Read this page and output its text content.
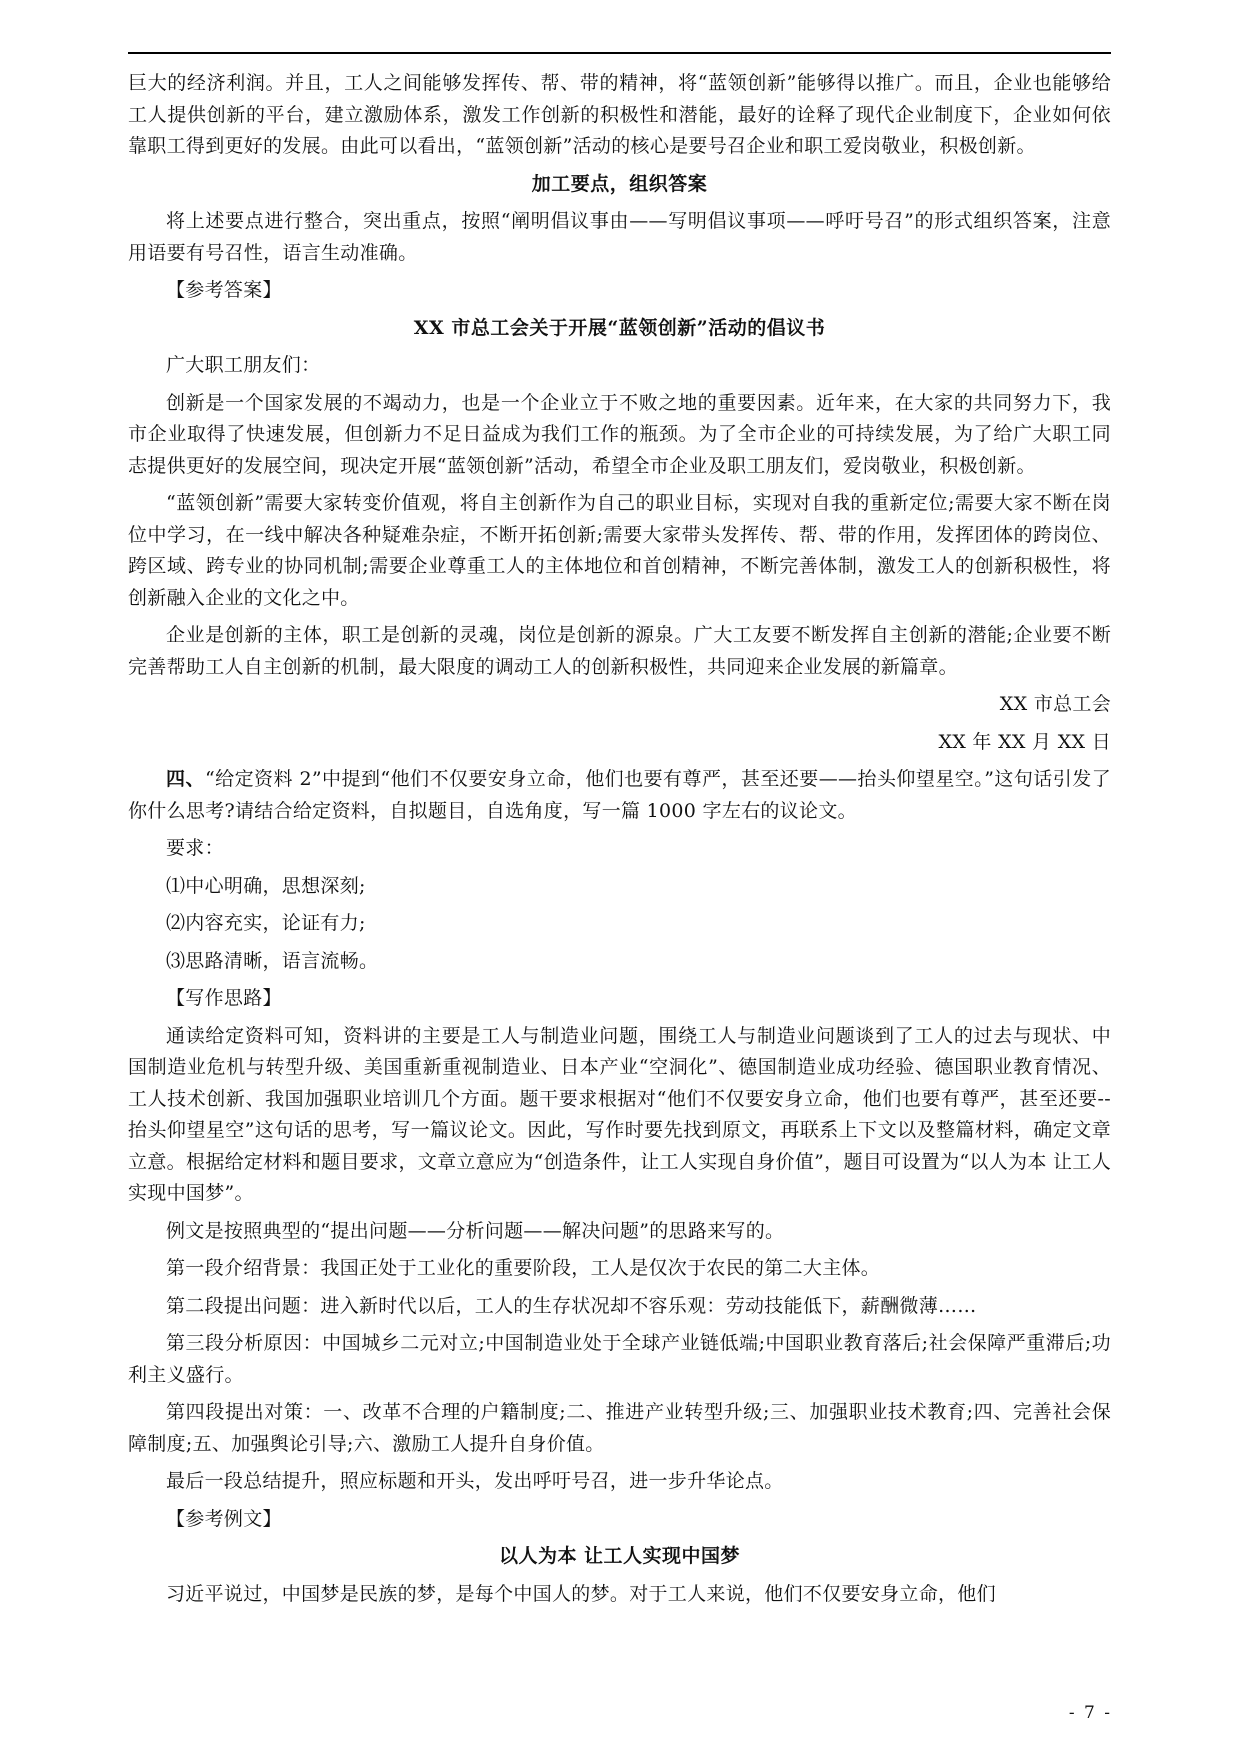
巨大的经济利润。并且，工人之间能够发挥传、帮、带的精神，将“蓝领创新”能够得以推广。而且，企业也能够给工人提供创新的平台，建立激励体系，激发工作创新的积极性和潜能，最好的诠释了现代企业制度下，企业如何依靠职工得到更好的发展。由此可以看出，“蓝领创新”活动的核心是要号召企业和职工爱岗敬业，积极创新。

加工要点，组织答案

将上述要点进行整合，突出重点，按照“阐明倡议事由——写明倡议事项——呼吁号召”的形式组织答案，注意用语要有号召性，语言生动准确。

【参考答案】

XX 市总工会关于开展“蓝领创新”活动的倡议书

广大职工朋友们：

创新是一个国家发展的不竭动力，也是一个企业立于不败之地的重要因素。近年来，在大家的共同努力下，我市企业取得了快速发展，但创新力不足日益成为我们工作的瓶颈。为了全市企业的可持续发展，为了给广大职工同志提供更好的发展空间，现决定开展“蓝领创新”活动，希望全市企业及职工朋友们，爱岗敬业，积极创新。

“蓝领创新”需要大家转变价值观，将自主创新作为自己的职业目标，实现对自我的重新定位;需要大家不断在岗位中学习，在一线中解决各种疑难杂症，不断开拓创新;需要大家带头发挥传、帮、带的作用，发挥团体的跨岗位、跨区域、跨专业的协同机制;需要企业尊重工人的主体地位和首创精神，不断完善体制，激发工人的创新积极性，将创新融入企业的文化之中。

企业是创新的主体，职工是创新的灵魂，岗位是创新的源泉。广大工友要不断发挥自主创新的潜能;企业要不断完善帮助工人自主创新的机制，最大限度的调动工人的创新积极性，共同迎来企业发展的新篇章。

XX 市总工会

XX 年 XX 月 XX 日

四、“给定资料 2”中提到“他们不仅要安身立命，他们也要有尊严，甚至还要——抬头仰望星空。”这句话引发了你什么思考?请结合给定资料，自拟题目，自选角度，写一篇 1000 字左右的议论文。

要求：

⑴中心明确，思想深刻;

⑵内容充实，论证有力;

⑶思路清晰，语言流畅。

【写作思路】

通读给定资料可知，资料讲的主要是工人与制造业问题，围绕工人与制造业问题谈到了工人的过去与现状、中国制造业危机与转型升级、美国重新重视制造业、日本产业“空洞化”、德国制造业成功经验、德国职业教育情况、工人技术创新、我国加强职业培训几个方面。题干要求根据对“他们不仅要安身立命，他们也要有尊严，甚至还要--抬头仰望星空”这句话的思考，写一篇议论文。因此，写作时要先找到原文，再联系上下文以及整篇材料，确定文章立意。根据给定材料和题目要求，文章立意应为“创造条件，让工人实现自身价值”，题目可设置为“以人为本 让工人实现中国梦”。

例文是按照典型的“提出问题——分析问题——解决问题”的思路来写的。

第一段介绍背景：我国正处于工业化的重要阶段，工人是仅次于农民的第二大主体。

第二段提出问题：进入新时代以后，工人的生存状况却不容乐观：劳动技能低下，薪酬微薄……

第三段分析原因：中国城乡二元对立;中国制造业处于全球产业链低端;中国职业教育落后;社会保障严重滞后;功利主义盛行。

第四段提出对策：一、改革不合理的户籍制度;二、推进产业转型升级;三、加强职业技术教育;四、完善社会保障制度;五、加强舆论引导;六、激励工人提升自身价值。

最后一段总结提升，照应标题和开头，发出呼吁号召，进一步升华论点。

【参考例文】

以人为本 让工人实现中国梦

习近平说过，中国梦是民族的梦，是每个中国人的梦。对于工人来说，他们不仅要安身立命，他们

- 7 -
